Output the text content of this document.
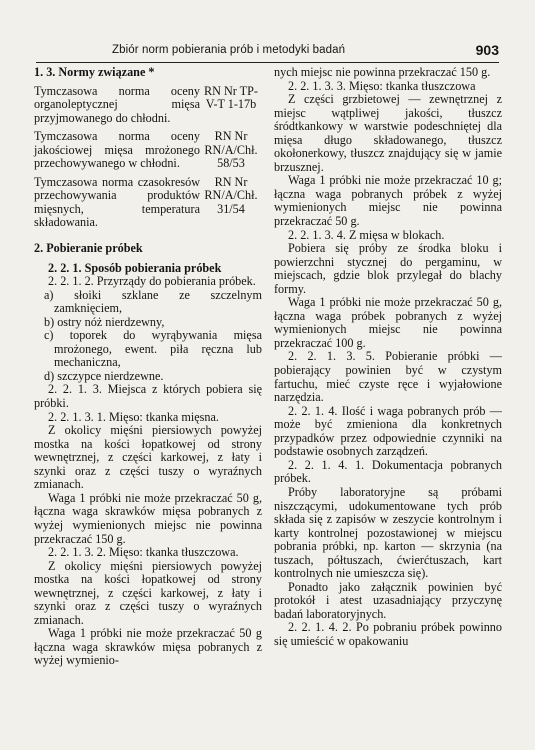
Zbiór norm pobierania prób i metodyki badań	903

1. 3. Normy związane *

Tymczasowa norma oceny organoleptycznej mięsa przyjmowanego do chłodni.
RN Nr TP-V-T 1-17b
Tymczasowa norma oceny jakościowej mięsa mrożonego przechowywanego w chłodni.
RN Nr RN/A/Chł. 58/53
Tymczasowa norma czasokresów przechowywania produktów mięsnych, temperatura składowania.
RN Nr RN/A/Chł. 31/54

2. Pobieranie próbek

2. 2. 1. Sposób pobierania próbek

2. 2. 1. 2. Przyrządy do pobierania próbek.

a) słoiki szklane ze szczelnym zamknięciem,

b) ostry nóż nierdzewny,

c) toporek do wyrąbywania mięsa mrożonego, ewent. piła ręczna lub mechaniczna,

d) szczypce nierdzewne.

2. 2. 1. 3. Miejsca z których pobiera się próbki.

2. 2. 1. 3. 1. Mięso: tkanka mięsna.

Z okolicy mięśni piersiowych powyżej mostka na kości łopatkowej od strony wewnętrznej, z części karkowej, z łaty i szynki oraz z części tuszy o wyraźnych zmianach.

Waga 1 próbki nie może przekraczać 50 g, łączna waga skrawków mięsa pobranych z wyżej wymienionych miejsc nie powinna przekraczać 150 g.

2. 2. 1. 3. 2. Mięso: tkanka tłuszczowa.

Z okolicy mięśni piersiowych powyżej mostka na kości łopatkowej od strony wewnętrznej, z części karkowej, z łaty i szynki oraz z części tuszy o wyraźnych zmianach.

Waga 1 próbki nie może przekraczać 50 g łączna waga skrawków mięsa pobranych z wyżej wymienio-

nych miejsc nie powinna przekraczać 150 g.

2. 2. 1. 3. 3. Mięso: tkanka tłuszczowa

Z części grzbietowej — zewnętrznej z miejsc wątpliwej jakości, tłuszcz śródtkankowy w warstwie podeschniętej dla mięsa długo składowanego, tłuszcz okołonerkowy, tłuszcz znajdujący się w jamie brzusznej.

Waga 1 próbki nie może przekraczać 10 g; łączna waga pobranych próbek z wyżej wymienionych miejsc nie powinna przekraczać 50 g.

2. 2. 1. 3. 4. Z mięsa w blokach.

Pobiera się próby ze środka bloku i powierzchni stycznej do pergaminu, w miejscach, gdzie blok przylegał do blachy formy.

Waga 1 próbki nie może przekraczać 50 g, łączna waga próbek pobranych z wyżej wymienionych miejsc nie powinna przekraczać 100 g.

2. 2. 1. 3. 5. Pobieranie próbki — pobierający powinien być w czystym fartuchu, mieć czyste ręce i wyjałowione narzędzia.

2. 2. 1. 4. Ilość i waga pobranych prób — może być zmieniona dla konkretnych przypadków przez odpowiednie czynniki na podstawie osobnych zarządzeń.

2. 2. 1. 4. 1. Dokumentacja pobranych próbek.

Próby laboratoryjne są próbami niszczącymi, udokumentowane tych prób składa się z zapisów w zeszycie kontrolnym i karty kontrolnej pozostawionej w miejscu pobrania próbki, np. karton — skrzynia (na tuszach, półtuszach, ćwierćtuszach, kart kontrolnych nie umieszcza się).

Ponadto jako załącznik powinien być protokół i atest uzasadniający przyczynę badań laboratoryjnych.

2. 2. 1. 4. 2. Po pobraniu próbek powinno się umieścić w opakowaniu
